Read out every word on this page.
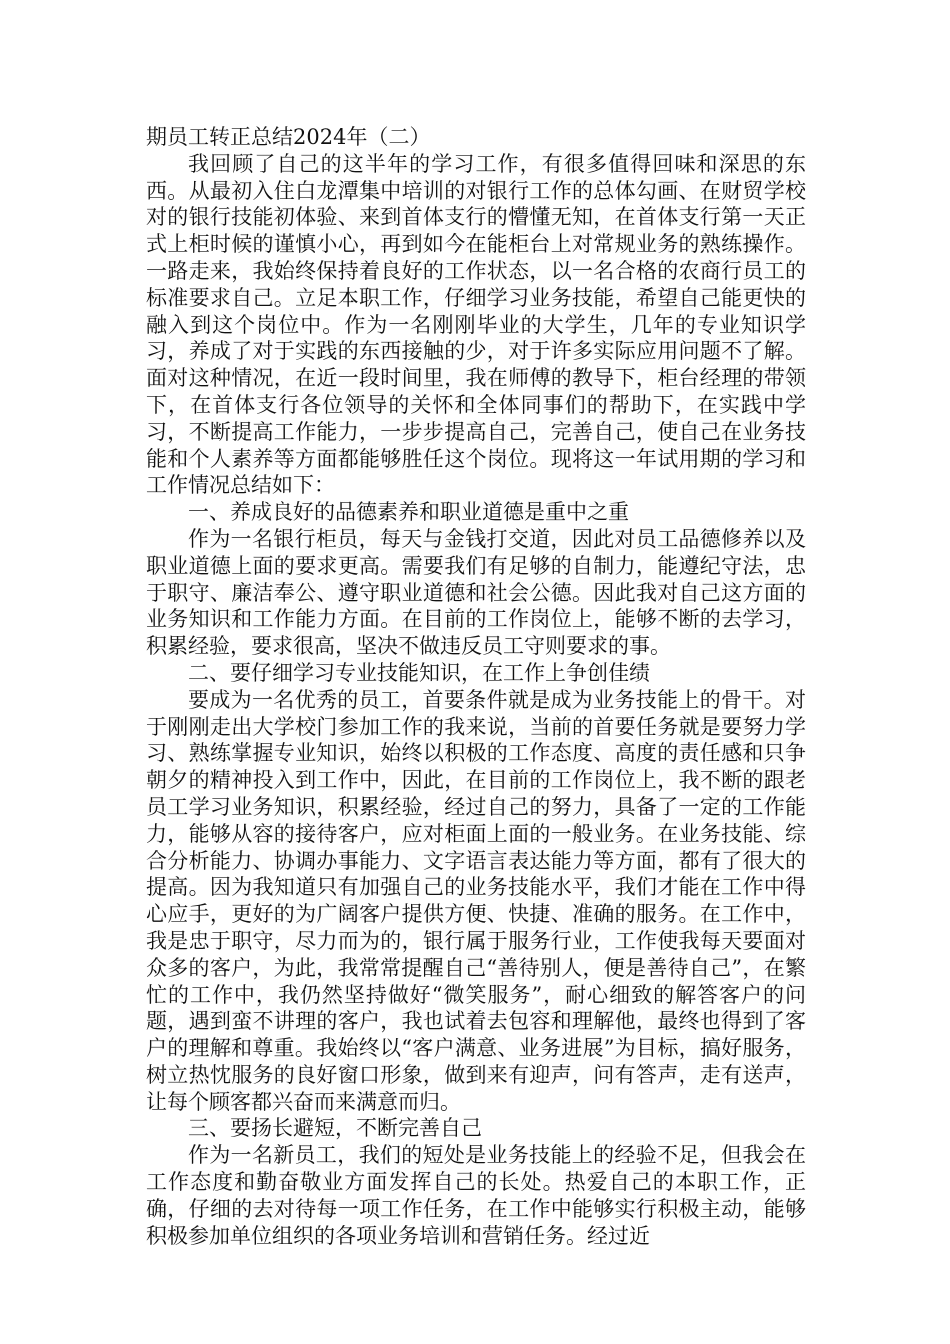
期员工转正总结2024年（二）

我回顾了自己的这半年的学习工作，有很多值得回味和深思的东西。从最初入住白龙潭集中培训的对银行工作的总体勾画、在财贸学校对的银行技能初体验、来到首体支行的懵懂无知，在首体支行第一天正式上柜时候的谨慎小心，再到如今在能柜台上对常规业务的熟练操作。一路走来，我始终保持着良好的工作状态，以一名合格的农商行员工的标准要求自己。立足本职工作，仔细学习业务技能，希望自己能更快的融入到这个岗位中。作为一名刚刚毕业的大学生，几年的专业知识学习，养成了对于实践的东西接触的少，对于许多实际应用问题不了解。面对这种情况，在近一段时间里，我在师傅的教导下，柜台经理的带领下，在首体支行各位领导的关怀和全体同事们的帮助下，在实践中学习，不断提高工作能力，一步步提高自己，完善自己，使自己在业务技能和个人素养等方面都能够胜任这个岗位。现将这一年试用期的学习和工作情况总结如下：

一、养成良好的品德素养和职业道德是重中之重

作为一名银行柜员，每天与金钱打交道，因此对员工品德修养以及职业道德上面的要求更高。需要我们有足够的自制力，能遵纪守法，忠于职守、廉洁奉公、遵守职业道德和社会公德。因此我对自己这方面的业务知识和工作能力方面。在目前的工作岗位上，能够不断的去学习，积累经验，要求很高，坚决不做违反员工守则要求的事。

二、要仔细学习专业技能知识，在工作上争创佳绩

要成为一名优秀的员工，首要条件就是成为业务技能上的骨干。对于刚刚走出大学校门参加工作的我来说，当前的首要任务就是要努力学习、熟练掌握专业知识，始终以积极的工作态度、高度的责任感和只争朝夕的精神投入到工作中，因此，在目前的工作岗位上，我不断的跟老员工学习业务知识，积累经验，经过自己的努力，具备了一定的工作能力，能够从容的接待客户，应对柜面上面的一般业务。在业务技能、综合分析能力、协调办事能力、文字语言表达能力等方面，都有了很大的提高。因为我知道只有加强自己的业务技能水平，我们才能在工作中得心应手，更好的为广阔客户提供方便、快捷、准确的服务。在工作中，我是忠于职守，尽力而为的，银行属于服务行业，工作使我每天要面对众多的客户，为此，我常常提醒自己“善待别人，便是善待自己”，在繁忙的工作中，我仍然坚持做好“微笑服务”，耐心细致的解答客户的问题，遇到蛮不讲理的客户，我也试着去包容和理解他，最终也得到了客户的理解和尊重。我始终以“客户满意、业务进展”为目标，搞好服务，树立热忱服务的良好窗口形象，做到来有迎声，问有答声，走有送声，让每个顾客都兴奋而来满意而归。

三、要扬长避短，不断完善自己

作为一名新员工，我们的短处是业务技能上的经验不足，但我会在工作态度和勤奋敬业方面发挥自己的长处。热爱自己的本职工作，正确，仔细的去对待每一项工作任务，在工作中能够实行积极主动，能够积极参加单位组织的各项业务培训和营销任务。经过近
